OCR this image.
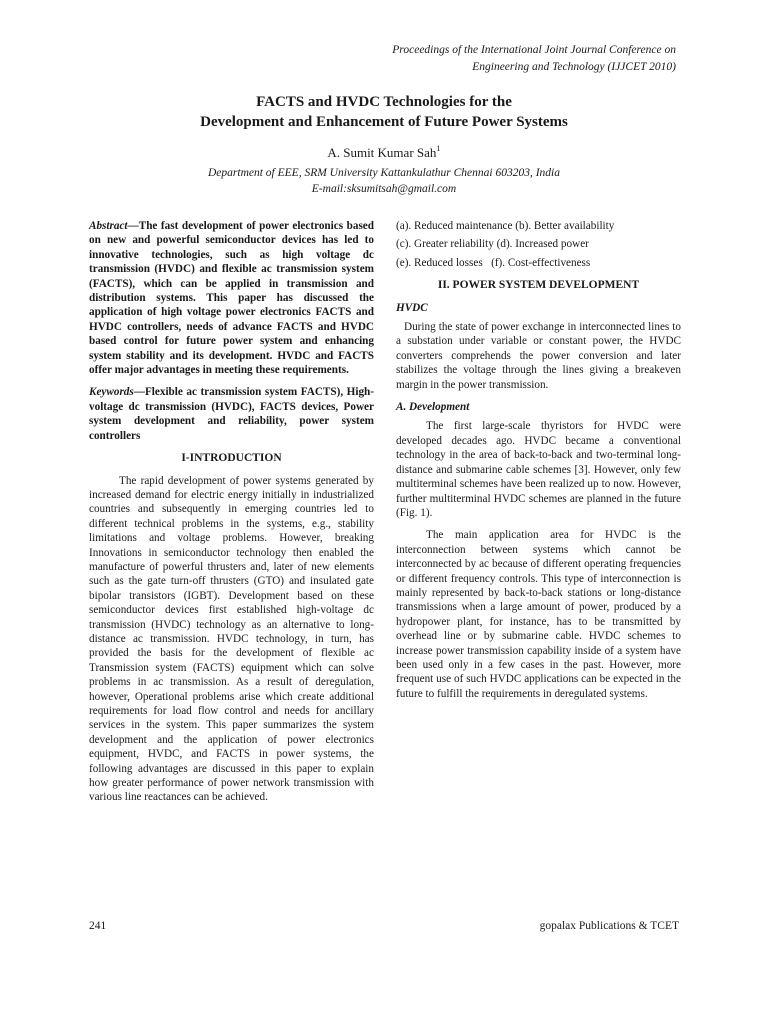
Proceedings of the International Joint Journal Conference on
Engineering and Technology (IJJCET 2010)
FACTS and HVDC Technologies for the
Development and Enhancement of Future Power Systems
A. Sumit Kumar Sah$^1$
Department of EEE, SRM University Kattankulathur Chennai 603203, India
E-mail:sksumitsah@gmail.com

Abstract—The fast development of power electronics based on new and powerful semiconductor devices has led to innovative technologies, such as high voltage dc transmission (HVDC) and flexible ac transmission system (FACTS), which can be applied in transmission and distribution systems. This paper has discussed the application of high voltage power electronics FACTS and HVDC controllers, needs of advance FACTS and HVDC based control for future power system and enhancing system stability and its development. HVDC and FACTS offer major advantages in meeting these requirements.

Keywords—Flexible ac transmission system FACTS), High-voltage dc transmission (HVDC), FACTS devices, Power system development and reliability, power system controllers

I-INTRODUCTION

The rapid development of power systems generated by increased demand for electric energy initially in industrialized countries and subsequently in emerging countries led to different technical problems in the systems, e.g., stability limitations and voltage problems. However, breaking Innovations in semiconductor technology then enabled the manufacture of powerful thrusters and, later of new elements such as the gate turn-off thrusters (GTO) and insulated gate bipolar transistors (IGBT). Development based on these semiconductor devices first established high-voltage dc transmission (HVDC) technology as an alternative to long-distance ac transmission. HVDC technology, in turn, has provided the basis for the development of flexible ac Transmission system (FACTS) equipment which can solve problems in ac transmission. As a result of deregulation, however, Operational problems arise which create additional requirements for load flow control and needs for ancillary services in the system. This paper summarizes the system development and the application of power electronics equipment, HVDC, and FACTS in power systems, the following advantages are discussed in this paper to explain how greater performance of power network transmission with various line reactances can be achieved.

(a). Reduced maintenance (b). Better availability
(c). Greater reliability (d). Increased power
(e). Reduced losses   (f). Cost-effectiveness
II. POWER SYSTEM DEVELOPMENT
HVDC

During the state of power exchange in interconnected lines to a substation under variable or constant power, the HVDC converters comprehends the power conversion and later stabilizes the voltage through the lines giving a breakeven margin in the power transmission.

A. Development

The first large-scale thyristors for HVDC were developed decades ago. HVDC became a conventional technology in the area of back-to-back and two-terminal long-distance and submarine cable schemes [3]. However, only few multiterminal schemes have been realized up to now. However, further multiterminal HVDC schemes are planned in the future (Fig. 1).

The main application area for HVDC is the interconnection between systems which cannot be interconnected by ac because of different operating frequencies or different frequency controls. This type of interconnection is mainly represented by back-to-back stations or long-distance transmissions when a large amount of power, produced by a hydropower plant, for instance, has to be transmitted by overhead line or by submarine cable. HVDC schemes to increase power transmission capability inside of a system have been used only in a few cases in the past. However, more frequent use of such HVDC applications can be expected in the future to fulfill the requirements in deregulated systems.

241	gopalax Publications & TCET
